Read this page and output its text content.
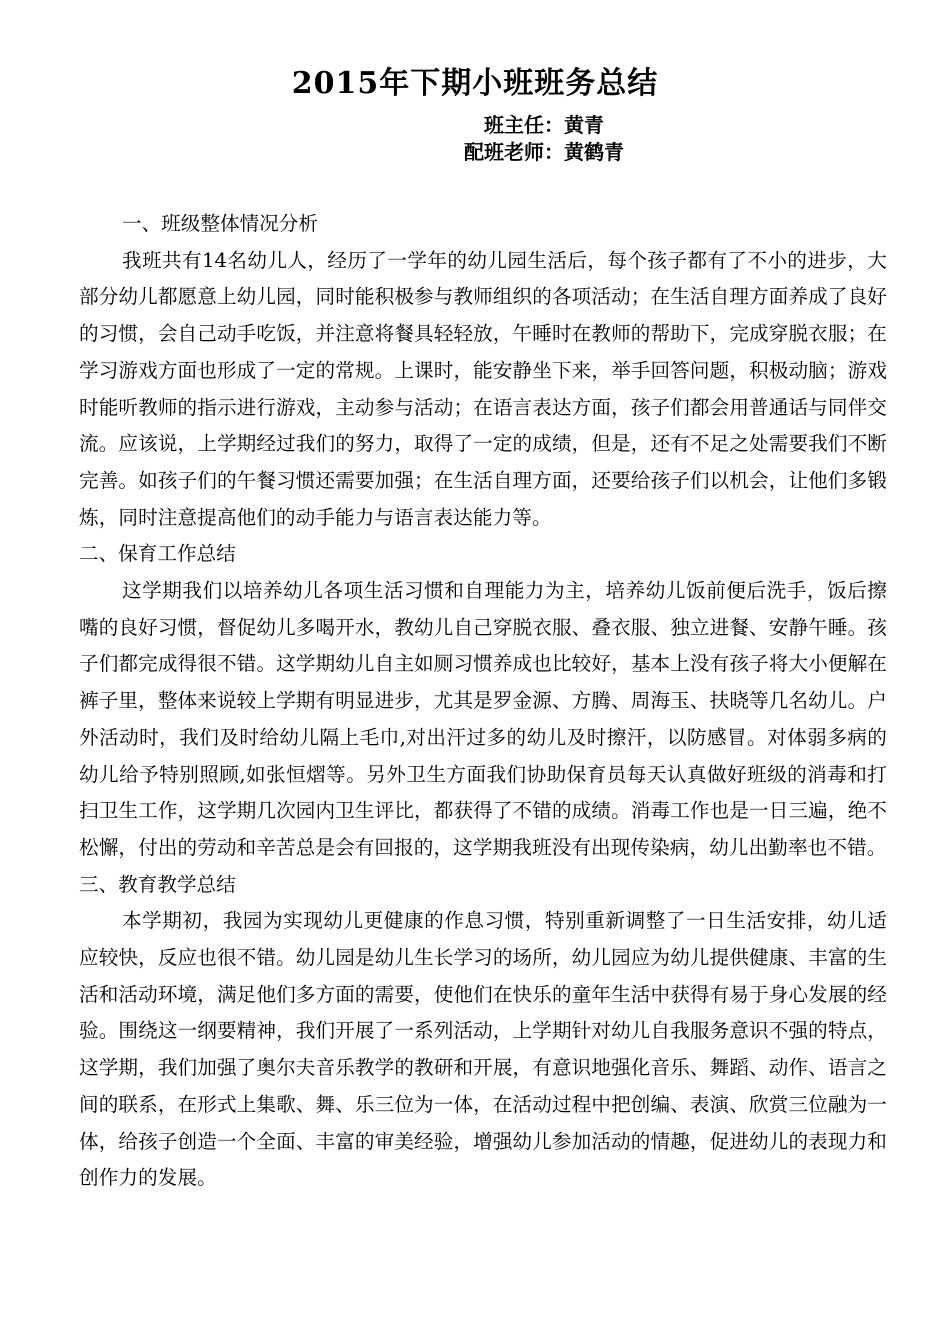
2015年下期小班班务总结
班主任：黄青
配班老师：黄鹤青

一、班级整体情况分析

我班共有14名幼儿人，经历了一学年的幼儿园生活后，每个孩子都有了不小的进步，大部分幼儿都愿意上幼儿园，同时能积极参与教师组织的各项活动；在生活自理方面养成了良好的习惯，会自己动手吃饭，并注意将餐具轻轻放，午睡时在教师的帮助下，完成穿脱衣服；在学习游戏方面也形成了一定的常规。上课时，能安静坐下来，举手回答问题，积极动脑；游戏时能听教师的指示进行游戏，主动参与活动；在语言表达方面，孩子们都会用普通话与同伴交流。应该说，上学期经过我们的努力，取得了一定的成绩，但是，还有不足之处需要我们不断完善。如孩子们的午餐习惯还需要加强；在生活自理方面，还要给孩子们以机会，让他们多锻炼，同时注意提高他们的动手能力与语言表达能力等。

二、保育工作总结

这学期我们以培养幼儿各项生活习惯和自理能力为主，培养幼儿饭前便后洗手，饭后擦嘴的良好习惯，督促幼儿多喝开水，教幼儿自己穿脱衣服、叠衣服、独立进餐、安静午睡。孩子们都完成得很不错。这学期幼儿自主如厕习惯养成也比较好，基本上没有孩子将大小便解在裤子里，整体来说较上学期有明显进步，尤其是罗金源、方腾、周海玉、扶晓等几名幼儿。户外活动时，我们及时给幼儿隔上毛巾,对出汗过多的幼儿及时擦汗，以防感冒。对体弱多病的幼儿给予特别照顾,如张恒熠等。另外卫生方面我们协助保育员每天认真做好班级的消毒和打扫卫生工作，这学期几次园内卫生评比，都获得了不错的成绩。消毒工作也是一日三遍，绝不松懈，付出的劳动和辛苦总是会有回报的，这学期我班没有出现传染病，幼儿出勤率也不错。

三、教育教学总结

本学期初，我园为实现幼儿更健康的作息习惯，特别重新调整了一日生活安排，幼儿适应较快，反应也很不错。幼儿园是幼儿生长学习的场所，幼儿园应为幼儿提供健康、丰富的生活和活动环境，满足他们多方面的需要，使他们在快乐的童年生活中获得有易于身心发展的经验。围绕这一纲要精神，我们开展了一系列活动，上学期针对幼儿自我服务意识不强的特点，这学期，我们加强了奥尔夫音乐教学的教研和开展，有意识地强化音乐、舞蹈、动作、语言之间的联系，在形式上集歌、舞、乐三位为一体，在活动过程中把创编、表演、欣赏三位融为一体，给孩子创造一个全面、丰富的审美经验，增强幼儿参加活动的情趣，促进幼儿的表现力和创作力的发展。
